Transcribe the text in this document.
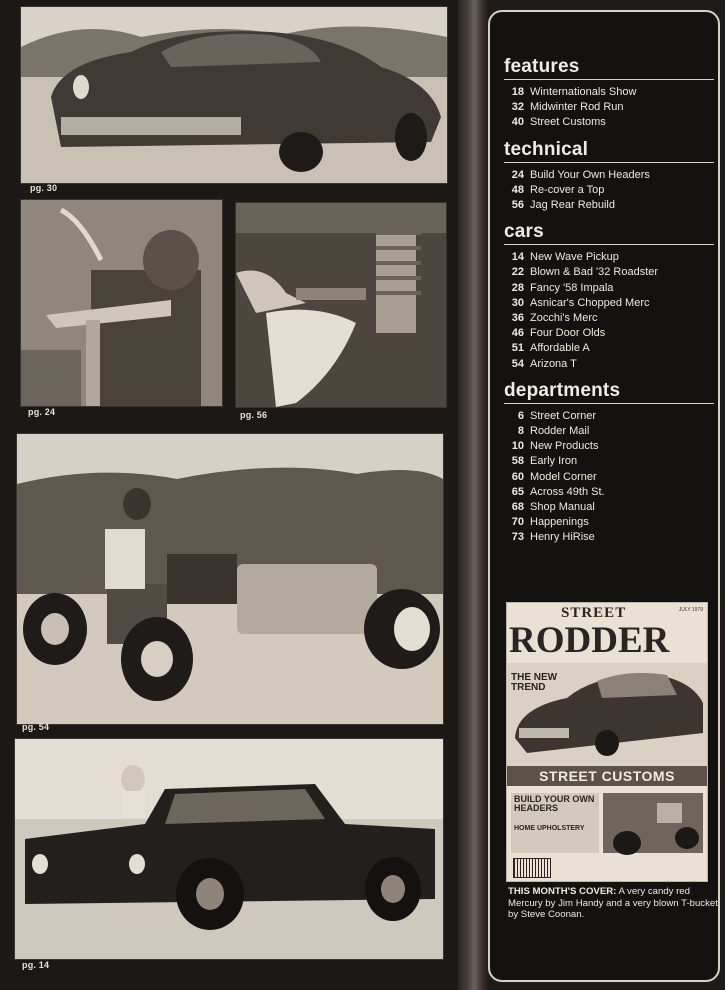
pg. 30
pg. 24	pg. 56
pg. 54
pg. 14
features
18 Winternationals Show
32 Midwinter Rod Run
40 Street Customs
technical
24 Build Your Own Headers
48 Re-cover a Top
56 Jag Rear Rebuild
cars
14 New Wave Pickup
22 Blown & Bad '32 Roadster
28 Fancy '58 Impala
30 Asnicar's Chopped Merc
36 Zocchi's Merc
46 Four Door Olds
51 Affordable A
54 Arizona T
departments
6 Street Corner
8 Rodder Mail
10 New Products
58 Early Iron
60 Model Corner
65 Across 49th St.
68 Shop Manual
70 Happenings
73 Henry HiRise
STREET	JULY 1979
RODDER
THE NEW TREND
STREET CUSTOMS
BUILD YOUR OWN HEADERS
HOME UPHOLSTERY
THIS MONTH'S COVER: A very candy red Mercury by Jim Handy and a very blown T-bucket by Steve Coonan.
